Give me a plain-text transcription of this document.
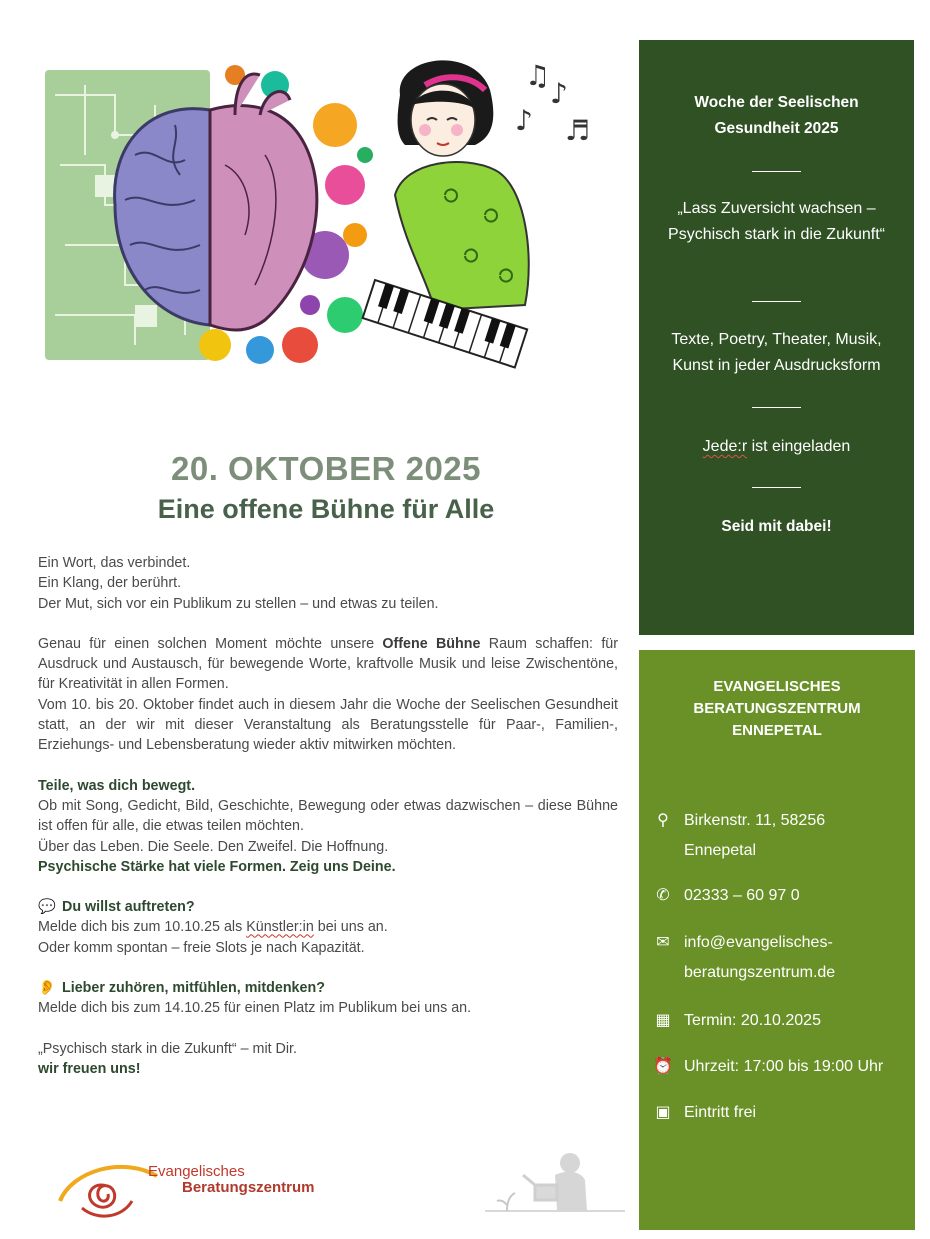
♫
♪
♬
♪
20. OKTOBER 2025
Eine offene Bühne für Alle

Ein Wort, das verbindet.

Ein Klang, der berührt.

Der Mut, sich vor ein Publikum zu stellen – und etwas zu teilen.

Genau für einen solchen Moment möchte unsere Offene Bühne Raum schaffen: für Ausdruck und Austausch, für bewegende Worte, kraftvolle Musik und leise Zwischentöne, für Kreativität in allen Formen.

Vom 10. bis 20. Oktober findet auch in diesem Jahr die Woche der Seelischen Gesundheit statt, an der wir mit dieser Veranstaltung als Beratungsstelle für Paar-, Familien-, Erziehungs- und Lebensberatung wieder aktiv mitwirken möchten.

Teile, was dich bewegt.

Ob mit Song, Gedicht, Bild, Geschichte, Bewegung oder etwas dazwischen – diese Bühne ist offen für alle, die etwas teilen möchten.

Über das Leben. Die Seele. Den Zweifel. Die Hoffnung.

Psychische Stärke hat viele Formen. Zeig uns Deine.

💬 Du willst auftreten?

Melde dich bis zum 10.10.25 als Künstler:in bei uns an.

Oder komm spontan – freie Slots je nach Kapazität.

👂 Lieber zuhören, mitfühlen, mitdenken?

Melde dich bis zum 14.10.25 für einen Platz im Publikum bei uns an.

„Psychisch stark in die Zukunft“ – mit Dir.

wir freuen uns!

Evangelisches
Beratungszentrum

Woche der Seelischen Gesundheit 2025

„Lass Zuversicht wachsen – Psychisch stark in die Zukunft“

Texte, Poetry, Theater, Musik, Kunst in jeder Ausdrucksform

Jede:r ist eingeladen

Seid mit dabei!

EVANGELISCHES BERATUNGSZENTRUM ENNEPETAL

⚲ Birkenstr. 11, 58256
Ennepetal
✆ 02333 – 60 97 0
✉ info@evangelisches-
beratungszentrum.de
▦ Termin: 20.10.2025
⏰ Uhrzeit: 17:00 bis 19:00 Uhr
▣ Eintritt frei
